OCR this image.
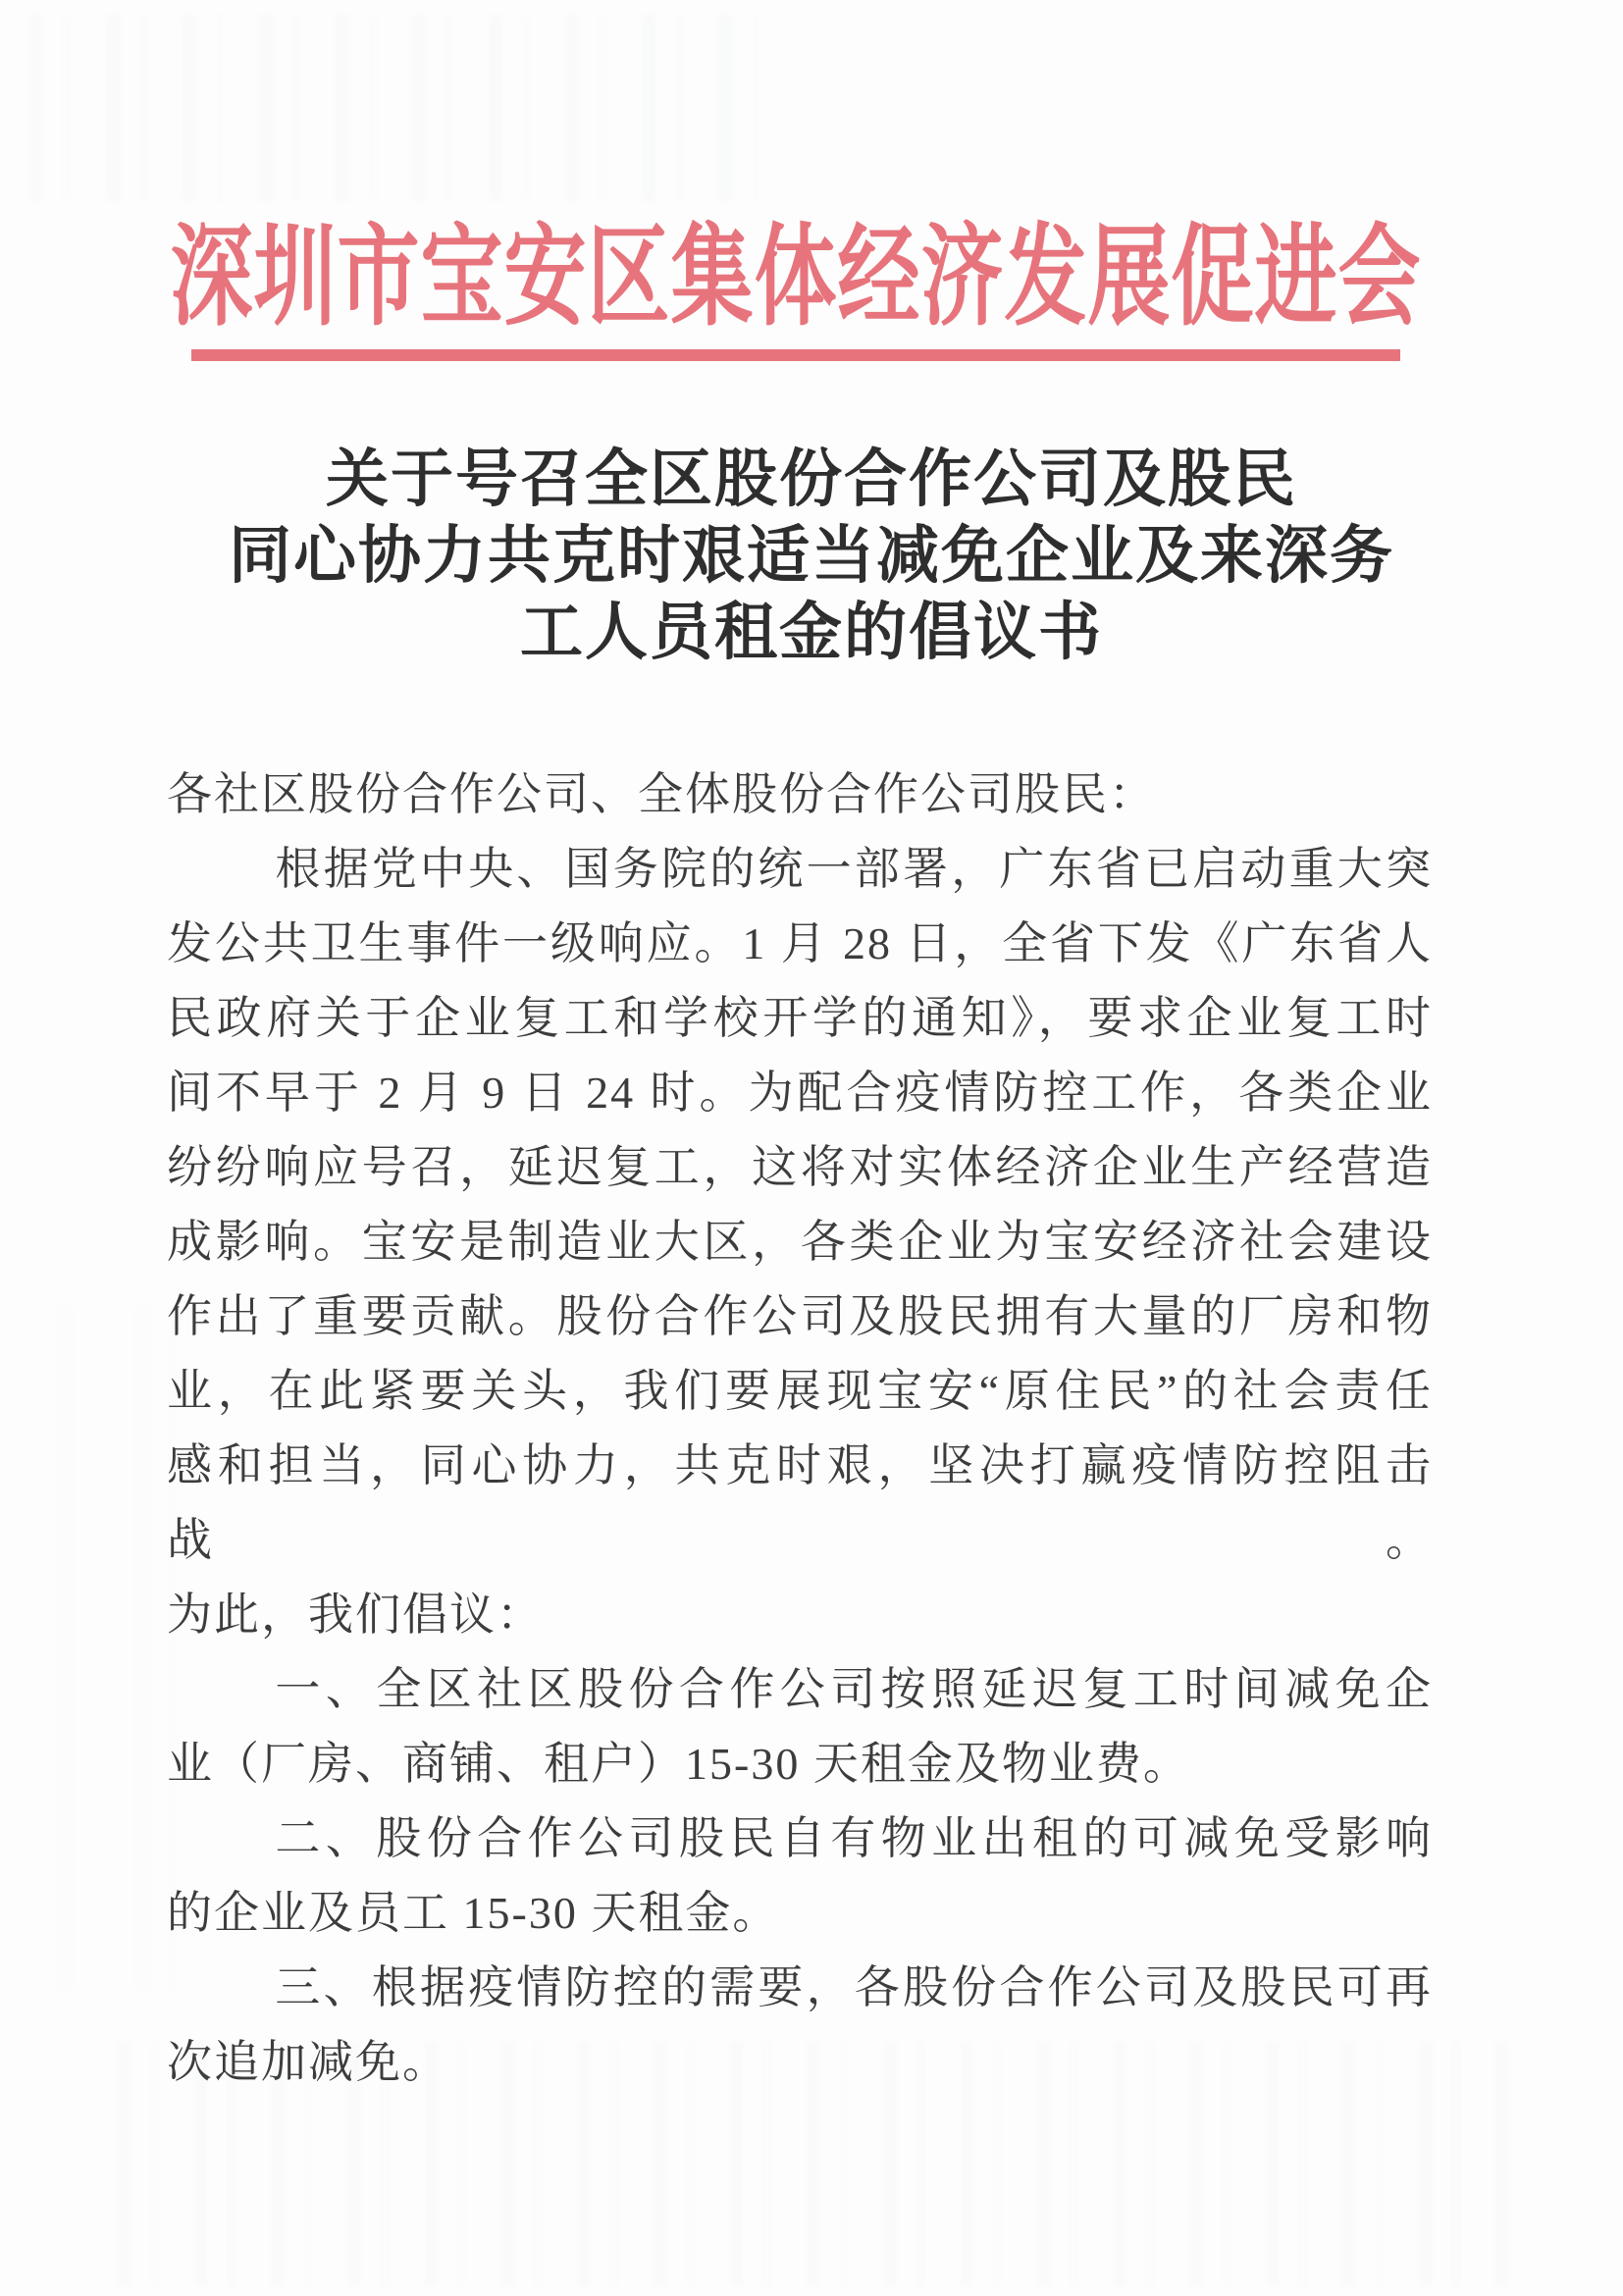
深圳市宝安区集体经济发展促进会
关于号召全区股份合作公司及股民
同心协力共克时艰适当减免企业及来深务
工人员租金的倡议书
各社区股份合作公司、全体股份合作公司股民：
根据党中央、国务院的统一部署，广东省已启动重大突
发公共卫生事件一级响应。1 月 28 日，全省下发《广东省人
民政府关于企业复工和学校开学的通知》，要求企业复工时
间不早于 2 月 9 日 24 时。为配合疫情防控工作，各类企业
纷纷响应号召，延迟复工，这将对实体经济企业生产经营造
成影响。宝安是制造业大区，各类企业为宝安经济社会建设
作出了重要贡献。股份合作公司及股民拥有大量的厂房和物
业，在此紧要关头，我们要展现宝安“原住民”的社会责任
感和担当，同心协力，共克时艰，坚决打赢疫情防控阻击战。
为此，我们倡议：
一、全区社区股份合作公司按照延迟复工时间减免企
业（厂房、商铺、租户）15-30 天租金及物业费。
二、股份合作公司股民自有物业出租的可减免受影响
的企业及员工 15-30 天租金。
三、根据疫情防控的需要，各股份合作公司及股民可再
次追加减免。
